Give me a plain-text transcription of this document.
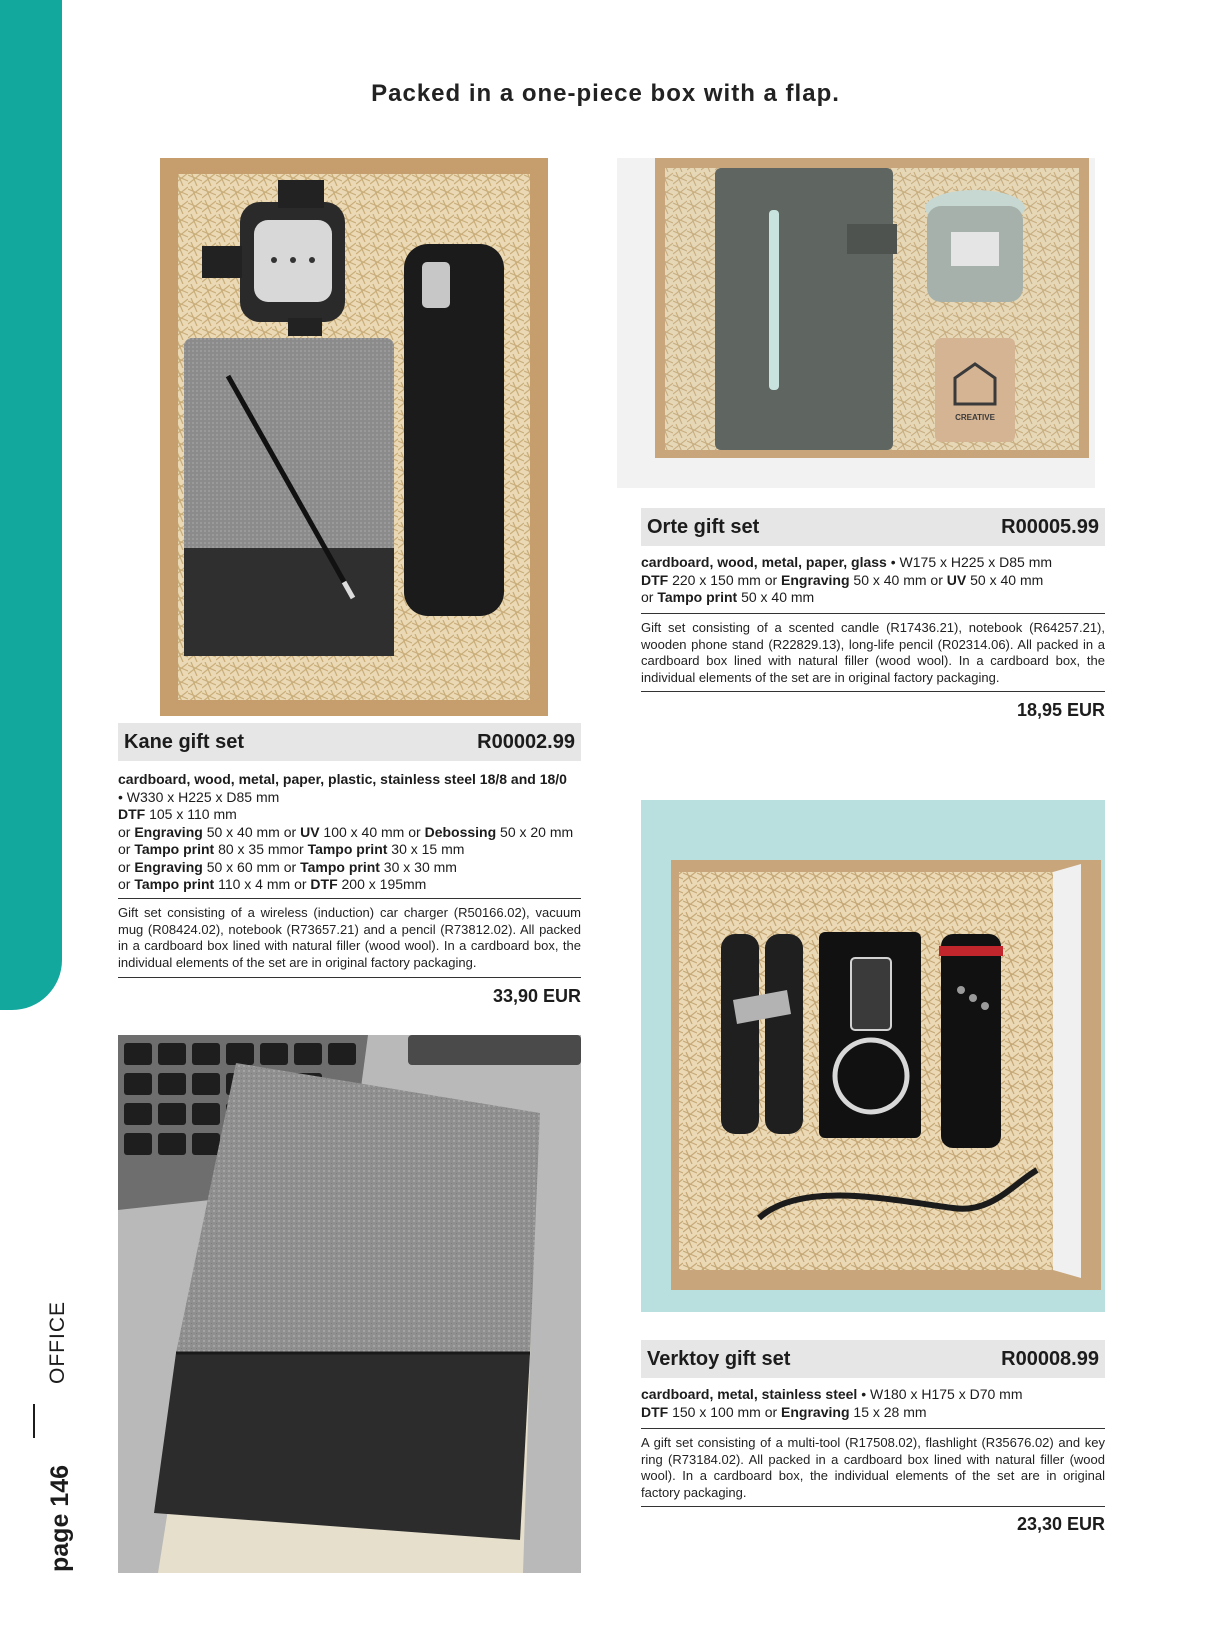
page 146
OFFICE
Packed in a one-piece box with a flap.
Kane gift set	R00002.99
cardboard, wood, metal, paper, plastic, stainless steel 18/8 and 18/0
• W330 x H225 x D85 mm
DTF 105 x 110 mm
or Engraving 50 x 40 mm or UV 100 x 40 mm or Debossing 50 x 20 mm
or Tampo print 80 x 35 mmor Tampo print 30 x 15 mm
or Engraving 50 x 60 mm or Tampo print 30 x 30 mm
or Tampo print 110 x 4 mm or DTF 200 x 195mm
Gift set consisting of a wireless (induction) car charger (R50166.02), vacuum mug (R08424.02), notebook (R73657.21) and a pencil (R73812.02). All packed in a cardboard box lined with natural filler (wood wool). In a cardboard box, the individual elements of the set are in original factory packaging.
33,90 EUR
CREATIVE
Orte gift set	R00005.99
cardboard, wood, metal, paper, glass • W175 x H225 x D85 mm
DTF 220 x 150 mm or Engraving 50 x 40 mm or UV 50 x 40 mm
or Tampo print 50 x 40 mm
Gift set consisting of a scented candle (R17436.21), notebook (R64257.21), wooden phone stand (R22829.13), long-life pencil (R02314.06). All packed in a cardboard box lined with natural filler (wood wool). In a cardboard box, the individual elements of the set are in original factory packaging.
18,95 EUR
Verktoy gift set	R00008.99
cardboard, metal, stainless steel • W180 x H175 x D70 mm
DTF 150 x 100 mm or Engraving 15 x 28 mm
A gift set consisting of a multi-tool (R17508.02), flashlight (R35676.02) and key ring (R73184.02). All packed in a cardboard box lined with natural filler (wood wool). In a cardboard box, the individual elements of the set are in original factory packaging.
23,30 EUR
